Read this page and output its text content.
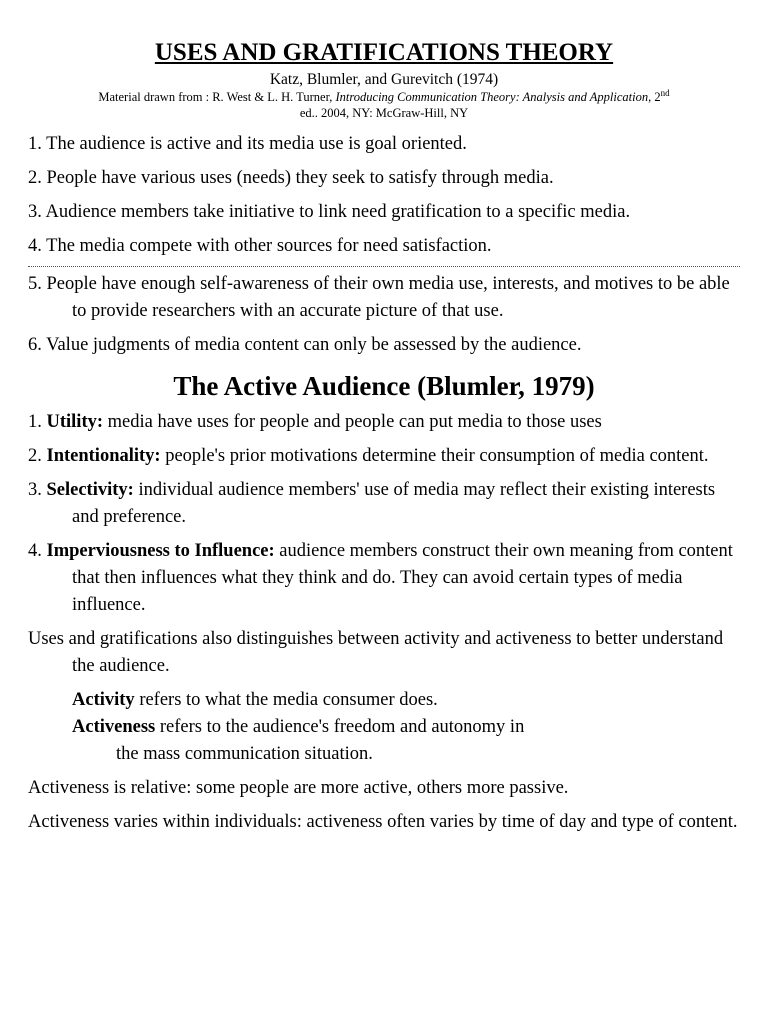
USES AND GRATIFICATIONS THEORY
Katz, Blumler, and Gurevitch (1974)
Material drawn from : R. West & L. H. Turner, Introducing Communication Theory: Analysis and Application, 2nd
ed.. 2004, NY: McGraw-Hill, NY
1. The audience is active and its media use is goal oriented.
2. People have various uses (needs) they seek to satisfy through media.
3. Audience members take initiative to link need gratification to a specific media.
4. The media compete with other sources for need satisfaction.
5. People have enough self-awareness of their own media use, interests, and motives to be able to provide researchers with an accurate picture of that use.
6. Value judgments of media content can only be assessed by the audience.
The Active Audience (Blumler, 1979)
1. Utility: media have uses for people and people can put media to those uses
2. Intentionality: people's prior motivations determine their consumption of media content.
3. Selectivity: individual audience members' use of media may reflect their existing interests and preference.
4. Imperviousness to Influence: audience members construct their own meaning from content that then influences what they think and do. They can avoid certain types of media influence.
Uses and gratifications also distinguishes between activity and activeness to better understand the audience.
Activity refers to what the media consumer does.
Activeness refers to the audience's freedom and autonomy in
the mass communication situation.
Activeness is relative: some people are more active, others more passive.
Activeness varies within individuals: activeness often varies by time of day and type of content.
